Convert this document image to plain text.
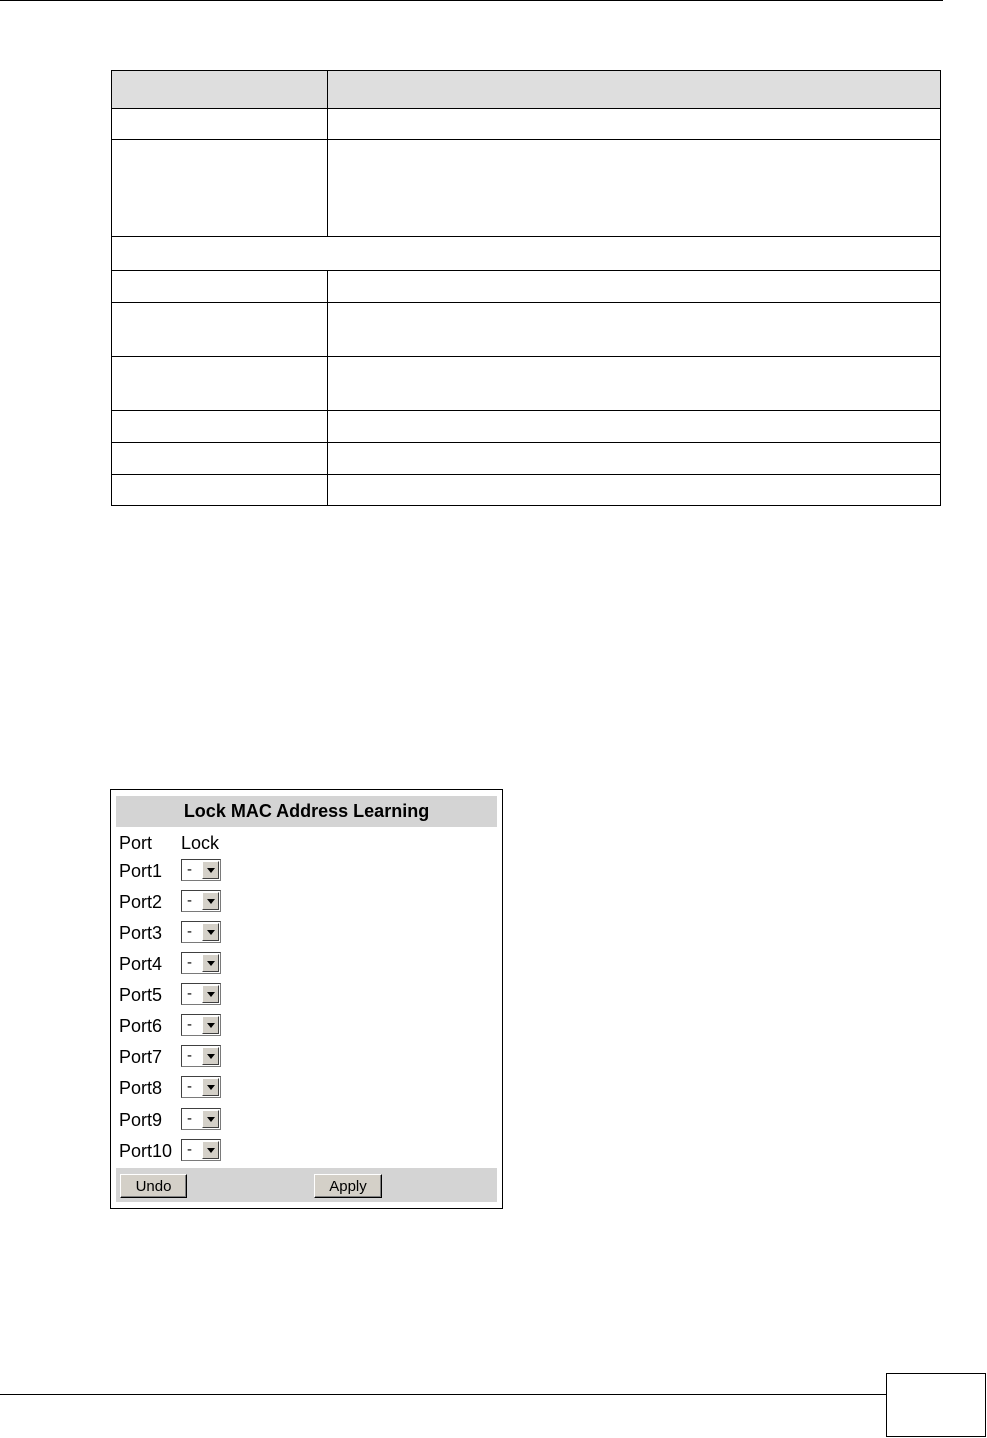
Lock MAC Address Learning
Port Lock
Port1 -
Port2 -
Port3 -
Port4 -
Port5 -
Port6 -
Port7 -
Port8 -
Port9 -
Port10 -
Undo	Apply
